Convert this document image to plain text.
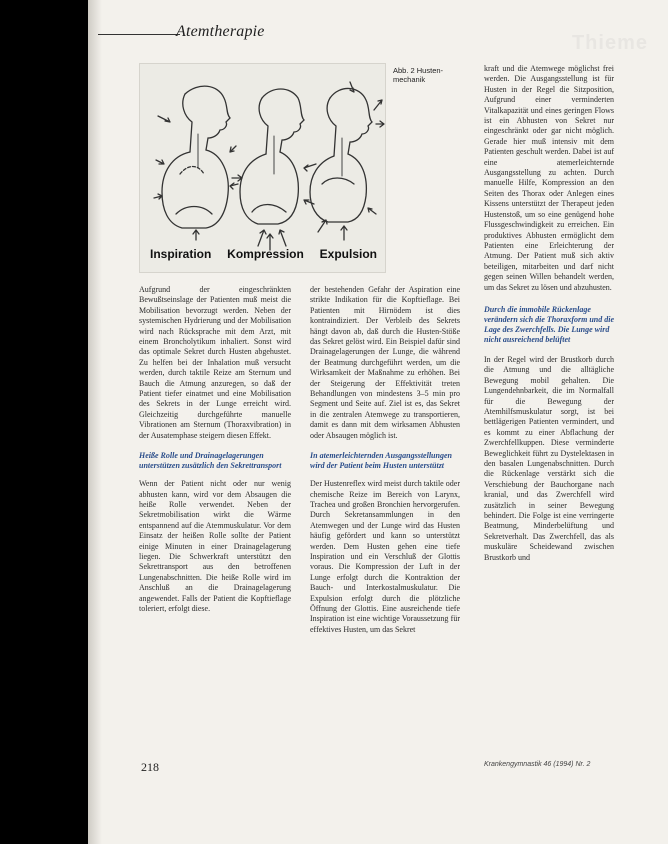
Atemtherapie
Thieme
Inspiration Kompression Expulsion
Abb. 2 Husten-mechanik

Aufgrund der eingeschränkten Bewußtseinslage der Patienten muß meist die Mobilisation bevorzugt werden. Neben der systemischen Hydrierung und der Mobilisation wird nach Rücksprache mit dem Arzt, mit einem Broncholytikum inhaliert. Sonst wird das optimale Sekret durch Husten abgehustet. Zu helfen bei der Inhalation muß versucht werden, durch taktile Reize am Sternum und Bauch die Atmung anzuregen, so daß der Patient tiefer einatmet und eine Mobilisation des Sekrets in der Lunge erreicht wird. Gleichzeitig durchgeführte manuelle Vibrationen am Sternum (Thoraxvibration) in der Ausatemphase steigern diesen Effekt.

Heiße Rolle und Drainagelagerungen unterstützen zusätzlich den Sekrettransport

Wenn der Patient nicht oder nur wenig abhusten kann, wird vor dem Absaugen die heiße Rolle verwendet. Neben der Sekretmobilisation wirkt die Wärme entspannend auf die Atemmuskulatur. Vor dem Einsatz der heißen Rolle sollte der Patient einige Minuten in einer Drainagelagerung liegen. Die Schwerkraft unterstützt den Sekrettransport aus den betroffenen Lungenabschnitten. Die heiße Rolle wird im Anschluß an die Drainagelagerung angewendet. Falls der Patient die Kopftieflage toleriert, erfolgt diese.

der bestehenden Gefahr der Aspiration eine strikte Indikation für die Kopftieflage. Bei Patienten mit Hirnödem ist dies kontraindiziert. Der Verbleib des Sekrets hängt davon ab, daß durch die Husten-Stöße das Sekret gelöst wird. Ein Beispiel dafür sind Drainagelagerungen der Lunge, die während der Beatmung durchgeführt werden, um die Wirksamkeit der Maßnahme zu erhöhen. Bei der Steigerung der Effektivität treten Behandlungen von mindestens 3–5 min pro Segment und Seite auf. Ziel ist es, das Sekret in die zentralen Atemwege zu transportieren, damit es dann mit dem wirksamen Abhusten oder Absaugen möglich ist.

In atemerleichternden Ausgangsstellungen wird der Patient beim Husten unterstützt

Der Hustenreflex wird meist durch taktile oder chemische Reize im Bereich von Larynx, Trachea und großen Bronchien hervorgerufen. Durch Sekretansammlungen in den Atemwegen und der Lunge wird das Husten häufig gefördert und kann so unterstützt werden. Dem Husten gehen eine tiefe Inspiration und ein Verschluß der Glottis voraus. Die Kompression der Luft in der Lunge erfolgt durch die Kontraktion der Bauch- und Interkostalmuskulatur. Die Expulsion erfolgt durch die plötzliche Öffnung der Glottis. Eine ausreichende tiefe Inspiration ist eine wichtige Voraussetzung für effektives Husten, um das Sekret

kraft und die Atemwege möglichst frei werden. Die Ausgangsstellung ist für Husten in der Regel die Sitzposition, Aufgrund einer verminderten Vitalkapazität und eines geringen Flows ist ein Abhusten von Sekret nur eingeschränkt oder gar nicht möglich. Gerade hier muß intensiv mit dem Patienten geschult werden. Dabei ist auf eine atemerleichternde Ausgangsstellung zu achten. Durch manuelle Hilfe, Kompression an den Seiten des Thorax oder Anlegen eines Kissens unterstützt der Therapeut jeden Hustenstoß, um so eine genügend hohe Flussgeschwindigkeit zu erreichen. Ein produktives Abhusten ermöglicht dem Patienten eine Erleichterung der Atmung. Der Patient muß sich aktiv beteiligen, mitarbeiten und darf nicht gegen seinen Willen behandelt werden, um das Sekret zu lösen und abzuhusten.

Durch die immobile Rückenlage verändern sich die Thoraxform und die Lage des Zwerchfells. Die Lunge wird nicht ausreichend belüftet

In der Regel wird der Brustkorb durch die Atmung und die alltägliche Bewegung mobil gehalten. Die Lungendehnbarkeit, die im Normalfall für die Bewegung der Atemhilfsmuskulatur sorgt, ist bei bettlägerigen Patienten vermindert, und es kommt zu einer Abflachung der Zwerchfellkuppen. Diese verminderte Beweglichkeit führt zu Dystelektasen in den basalen Lungenabschnitten. Durch die Rückenlage verstärkt sich die Verschiebung der Bauchorgane nach kranial, und das Zwerchfell wird zusätzlich in seiner Bewegung behindert. Die Folge ist eine verringerte Beatmung, Minderbelüftung und Sekretverhalt. Das Zwerchfell, das als muskuläre Scheidewand zwischen Brustkorb und

218	Krankengymnastik 46 (1994) Nr. 2
